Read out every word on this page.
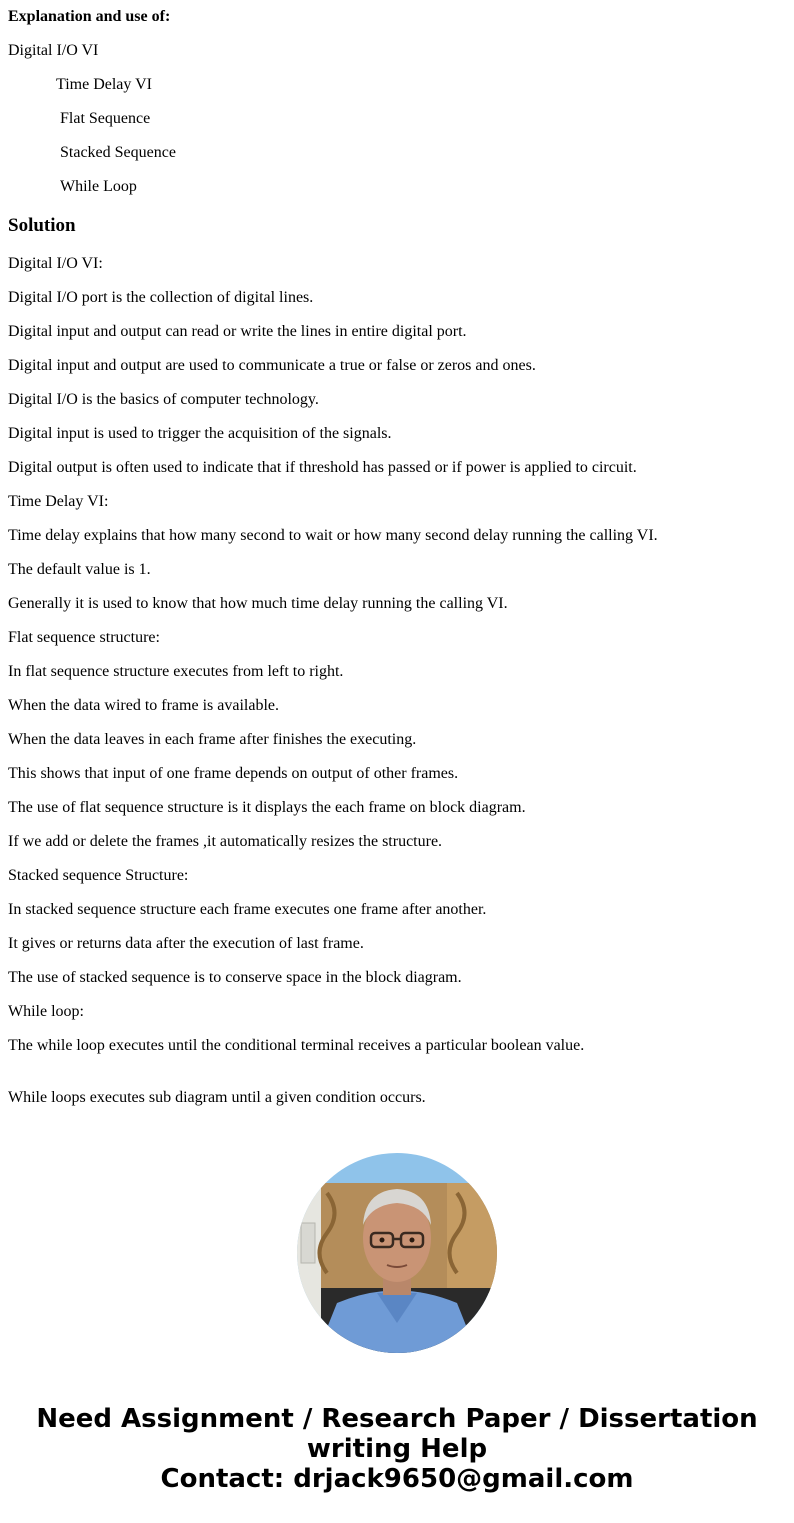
Explanation and use of:
Digital I/O VI
Time Delay VI
Flat Sequence
Stacked Sequence
While Loop
Solution
Digital I/O VI:
Digital I/O port is the collection of digital lines.
Digital input and output can read or write the lines in entire digital port.
Digital input and output are used to communicate a true or false or zeros and ones.
Digital I/O is the basics of computer technology.
Digital input is used to trigger the acquisition of the signals.
Digital output is often used to indicate that if threshold has passed or if power is applied to circuit.
Time Delay VI:
Time delay explains that how many second to wait or how many second delay running the calling VI.
The default value is 1.
Generally it is used to know that how much time delay running the calling VI.
Flat sequence structure:
In flat sequence structure executes from left to right.
When the data wired to frame is available.
When the data leaves in each frame after finishes the executing.
This shows that input of one frame depends on output of other frames.
The use of flat sequence structure is it displays the each frame on block diagram.
If we add or delete the frames ,it automatically resizes the structure.
Stacked sequence Structure:
In stacked sequence structure each frame executes one frame after another.
It gives or returns data after the execution of last frame.
The use of stacked sequence is to conserve space in the block diagram.
While loop:
The while loop executes until the conditional terminal receives a particular boolean value.
While loops executes sub diagram until a given condition occurs.
Need Assignment / Research Paper / Dissertation
writing Help
Contact: drjack9650@gmail.com
